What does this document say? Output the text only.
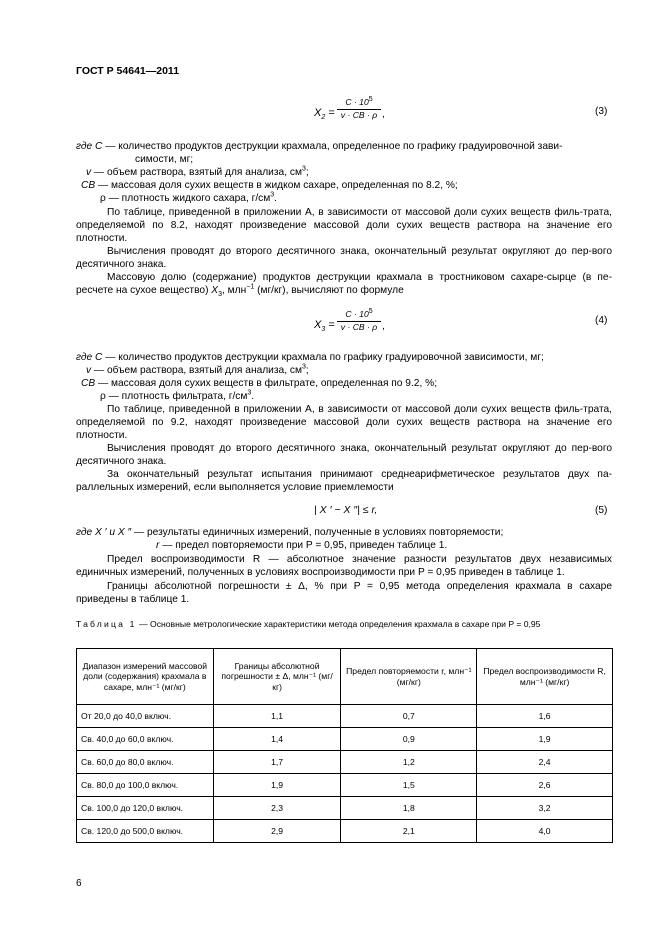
ГОСТ Р 54641—2011
$X_2 = \frac{C \cdot 10^5}{v \cdot CB \cdot \rho}$ ,	(3)
где C — количество продуктов деструкции крахмала, определенное по графику градуировочной зави-
симости, мг;
v — объем раствора, взятый для анализа, $см^3$;
CB — массовая доля сухих веществ в жидком сахаре, определенная по 8.2, %;
ρ — плотность жидкого сахара, $г/см^3$.
По таблице, приведенной в приложении А, в зависимости от массовой доли сухих веществ филь-тратa, определяемой по 8.2, находят произведение массовой доли сухих веществ раствора на значение его плотности.
Вычисления проводят до второго десятичного знака, окончательный результат округляют до пер-вого десятичного знака.
Массовую долю (содержание) продуктов деструкции крахмала в тростниковом сахаре-сырце (в пе-ресчете на сухое вещество) $X_3$, млн$^{-1}$ (мг/кг), вычисляют по формуле
$X_3 = \frac{C \cdot 10^5}{v \cdot CB \cdot \rho}$ ,
(4)
где C — количество продуктов деструкции крахмала по графику градуировочной зависимости, мг;
v — объем раствора, взятый для анализа, $см^3$;
CB — массовая доля сухих веществ в фильтрате, определенная по 9.2, %;
ρ — плотность фильтрата, $г/см^3$.
По таблице, приведенной в приложении А, в зависимости от массовой доли сухих веществ филь-трата, определяемой по 9.2, находят произведение массовой доли сухих веществ раствора на значение его плотности.
Вычисления проводят до второго десятичного знака, окончательный результат округляют до пер-вого десятичного знака.
За окончательный результат испытания принимают среднеарифметическое результатов двух па-раллельных измерений, если выполняется условие приемлемости
| X ′ − X ″| ≤ r,	(5)
где X ′ и X ″ — результаты единичных измерений, полученные в условиях повторяемости;
r — предел повторяемости при P = 0,95, приведен таблице 1.
Предел воспроизводимости R — абсолютное значение разности результатов двух независимых единичных измерений, полученных в условиях воспроизводимости при P = 0,95 приведен в таблице 1.
Границы абсолютной погрешности ± Δ, % при P = 0,95 метода определения крахмала в сахаре приведены в таблице 1.
Таблица 1 — Основные метрологические характеристики метода определения крахмала в сахаре при P = 0,95
Диапазон измерений массовой доли (содержания) крахмала в сахаре, млн⁻¹ (мг/кг)	Границы абсолютной погрешности ± Δ, млн⁻¹ (мг/кг)	Предел повторяемости r, млн⁻¹ (мг/кг)	Предел воспроизводимости R, млн⁻¹ (мг/кг)
От 20,0 до 40,0 включ.	1,1	0,7	1,6
Св. 40,0 до 60,0 включ.	1,4	0,9	1,9
Св. 60,0 до 80,0 включ.	1,7	1,2	2,4
Св. 80,0 до 100,0 включ.	1,9	1,5	2,6
Св. 100,0 до 120,0 включ.	2,3	1,8	3,2
Св. 120,0 до 500,0 включ.	2,9	2,1	4,0
6
